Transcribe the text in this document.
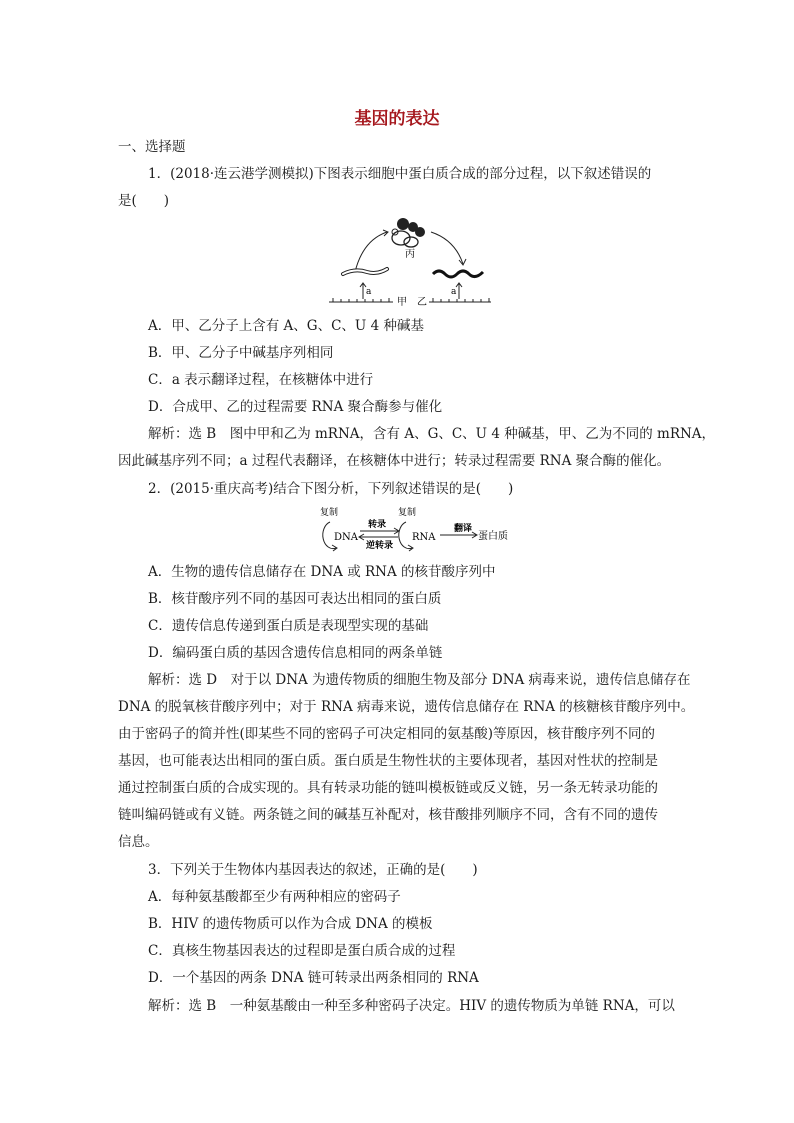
基因的表达
一、选择题
1．(2018·连云港学测模拟)下图表示细胞中蛋白质合成的部分过程，以下叙述错误的
是(　　)
丙
a	a
甲 乙
A．甲、乙分子上含有 A、G、C、U 4 种碱基
B．甲、乙分子中碱基序列相同
C．a 表示翻译过程，在核糖体中进行
D．合成甲、乙的过程需要 RNA 聚合酶参与催化
解析：选 B　图中甲和乙为 mRNA，含有 A、G、C、U 4 种碱基，甲、乙为不同的 mRNA，
因此碱基序列不同；a 过程代表翻译，在核糖体中进行；转录过程需要 RNA 聚合酶的催化。
2．(2015·重庆高考)结合下图分析，下列叙述错误的是(　　)
复制
DNA
转录
逆转录
复制
RNA
翻译
蛋白质
A．生物的遗传信息储存在 DNA 或 RNA 的核苷酸序列中
B．核苷酸序列不同的基因可表达出相同的蛋白质
C．遗传信息传递到蛋白质是表现型实现的基础
D．编码蛋白质的基因含遗传信息相同的两条单链
解析：选 D　对于以 DNA 为遗传物质的细胞生物及部分 DNA 病毒来说，遗传信息储存在
DNA 的脱氧核苷酸序列中；对于 RNA 病毒来说，遗传信息储存在 RNA 的核糖核苷酸序列中。
由于密码子的简并性(即某些不同的密码子可决定相同的氨基酸)等原因，核苷酸序列不同的
基因，也可能表达出相同的蛋白质。蛋白质是生物性状的主要体现者，基因对性状的控制是
通过控制蛋白质的合成实现的。具有转录功能的链叫模板链或反义链，另一条无转录功能的
链叫编码链或有义链。两条链之间的碱基互补配对，核苷酸排列顺序不同，含有不同的遗传
信息。
3．下列关于生物体内基因表达的叙述，正确的是(　　)
A．每种氨基酸都至少有两种相应的密码子
B．HIV 的遗传物质可以作为合成 DNA 的模板
C．真核生物基因表达的过程即是蛋白质合成的过程
D．一个基因的两条 DNA 链可转录出两条相同的 RNA
解析：选 B　一种氨基酸由一种至多种密码子决定。HIV 的遗传物质为单链 RNA，可以
